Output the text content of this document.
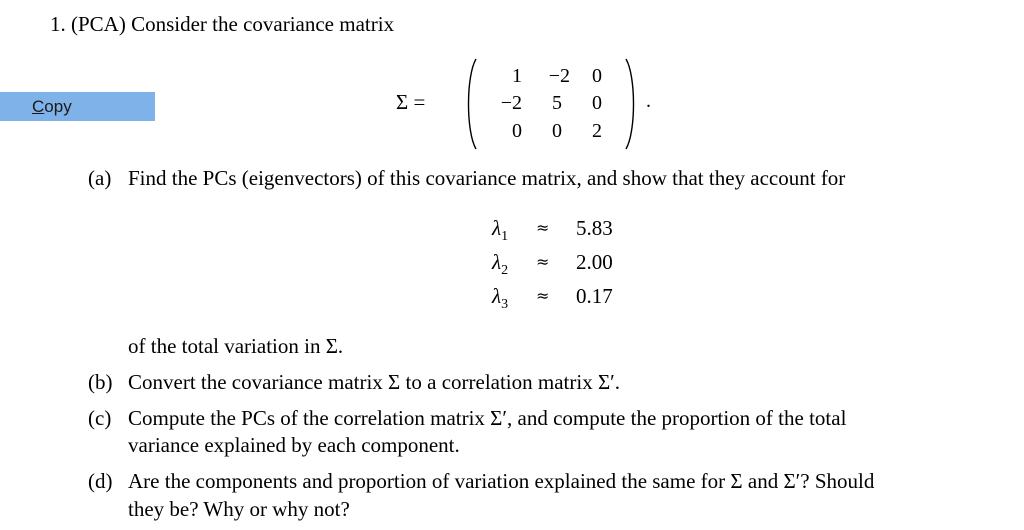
1. (PCA) Consider the covariance matrix
Copy	Σ =
1	−2	0
−2	5	0
0	0	2
.
(a) Find the PCs (eigenvectors) of this covariance matrix, and show that they account for
$\lambda_1 \approx 5.83$
$\lambda_2 \approx 2.00$
$\lambda_3 \approx 0.17$
of the total variation in Σ.
(b) Convert the covariance matrix Σ to a correlation matrix Σ′.
(c) Compute the PCs of the correlation matrix Σ′, and compute the proportion of the total
variance explained by each component.
(d) Are the components and proportion of variation explained the same for Σ and Σ′? Should
they be? Why or why not?
